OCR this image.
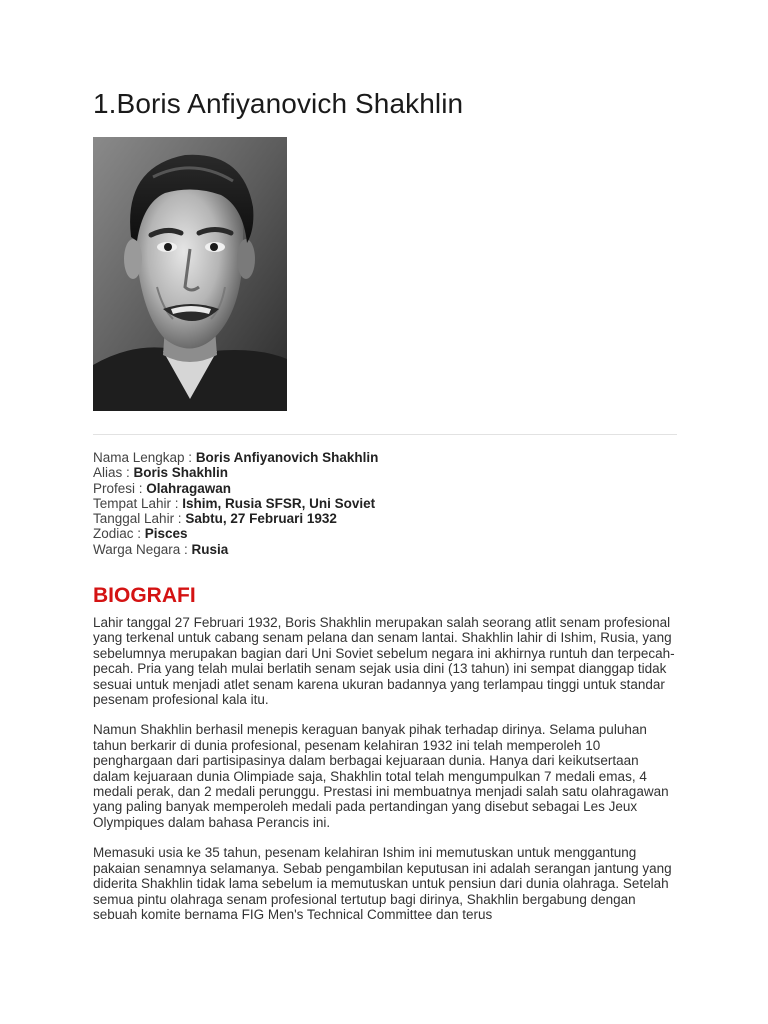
1.Boris Anfiyanovich Shakhlin
Nama Lengkap : Boris Anfiyanovich Shakhlin
Alias : Boris Shakhlin
Profesi : Olahragawan
Tempat Lahir : Ishim, Rusia SFSR, Uni Soviet
Tanggal Lahir : Sabtu, 27 Februari 1932
Zodiac : Pisces
Warga Negara : Rusia
BIOGRAFI

Lahir tanggal 27 Februari 1932, Boris Shakhlin merupakan salah seorang atlit senam profesional yang terkenal untuk cabang senam pelana dan senam lantai. Shakhlin lahir di Ishim, Rusia, yang sebelumnya merupakan bagian dari Uni Soviet sebelum negara ini akhirnya runtuh dan terpecah-pecah. Pria yang telah mulai berlatih senam sejak usia dini (13 tahun) ini sempat dianggap tidak sesuai untuk menjadi atlet senam karena ukuran badannya yang terlampau tinggi untuk standar pesenam profesional kala itu.

Namun Shakhlin berhasil menepis keraguan banyak pihak terhadap dirinya. Selama puluhan tahun berkarir di dunia profesional, pesenam kelahiran 1932 ini telah memperoleh 10 penghargaan dari partisipasinya dalam berbagai kejuaraan dunia. Hanya dari keikutsertaan dalam kejuaraan dunia Olimpiade saja, Shakhlin total telah mengumpulkan 7 medali emas, 4 medali perak, dan 2 medali perunggu. Prestasi ini membuatnya menjadi salah satu olahragawan yang paling banyak memperoleh medali pada pertandingan yang disebut sebagai Les Jeux Olympiques dalam bahasa Perancis ini.

Memasuki usia ke 35 tahun, pesenam kelahiran Ishim ini memutuskan untuk menggantung pakaian senamnya selamanya. Sebab pengambilan keputusan ini adalah serangan jantung yang diderita Shakhlin tidak lama sebelum ia memutuskan untuk pensiun dari dunia olahraga. Setelah semua pintu olahraga senam profesional tertutup bagi dirinya, Shakhlin bergabung dengan sebuah komite bernama FIG Men's Technical Committee dan terus
